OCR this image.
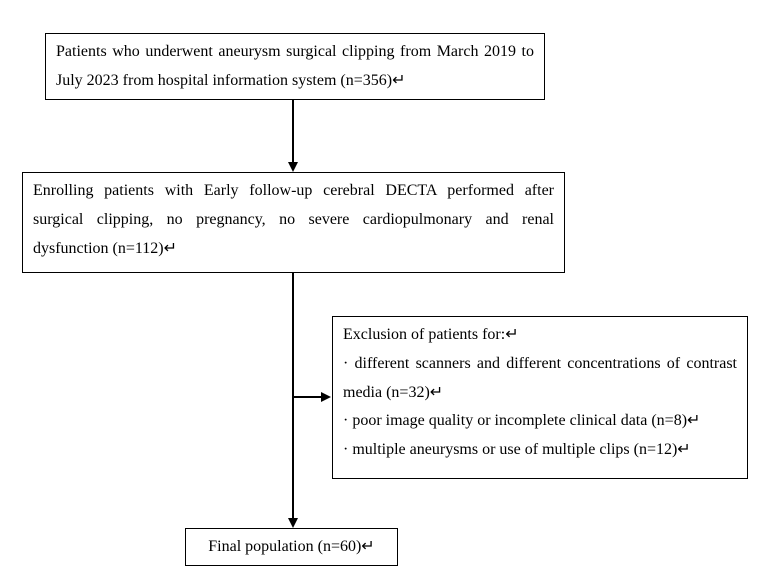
Patients who underwent aneurysm surgical clipping from March 2019 to July 2023 from hospital information system (n=356)↵

Enrolling patients with Early follow-up cerebral DECTA performed after surgical clipping, no pregnancy, no severe cardiopulmonary and renal dysfunction (n=112)↵

Exclusion of patients for:↵

· different scanners and different concentrations of contrast media (n=32)↵

· poor image quality or incomplete clinical data (n=8)↵

· multiple aneurysms or use of multiple clips (n=12)↵

Final population (n=60)↵
